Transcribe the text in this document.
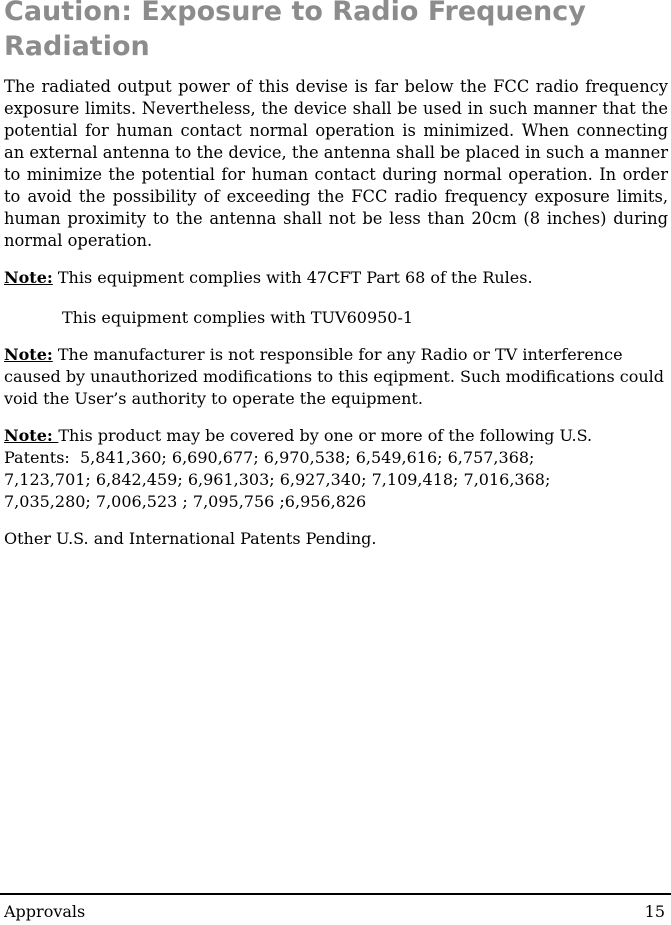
Caution: Exposure to Radio Frequency Radiation

The radiated output power of this devise is far below the FCC radio frequency exposure limits. Nevertheless, the device shall be used in such manner that the potential for human contact normal operation is minimized. When connecting an external antenna to the device, the antenna shall be placed in such a manner to minimize the potential for human contact during normal operation. In order to avoid the possibility of exceeding the FCC radio frequency exposure limits, human proximity to the antenna shall not be less than 20cm (8 inches) during normal operation.

Note: This equipment complies with 47CFT Part 68 of the Rules.

This equipment complies with TUV60950-1

Note: The manufacturer is not responsible for any Radio or TV interference caused by unauthorized modifications to this eqipment. Such modifications could void the User’s authority to operate the equipment.

Note: This product may be covered by one or more of the following U.S.
Patents:  5,841,360; 6,690,677; 6,970,538; 6,549,616; 6,757,368;
7,123,701; 6,842,459; 6,961,303; 6,927,340; 7,109,418; 7,016,368;
7,035,280; 7,006,523 ; 7,095,756 ;6,956,826

Other U.S. and International Patents Pending.

Approvals	15
